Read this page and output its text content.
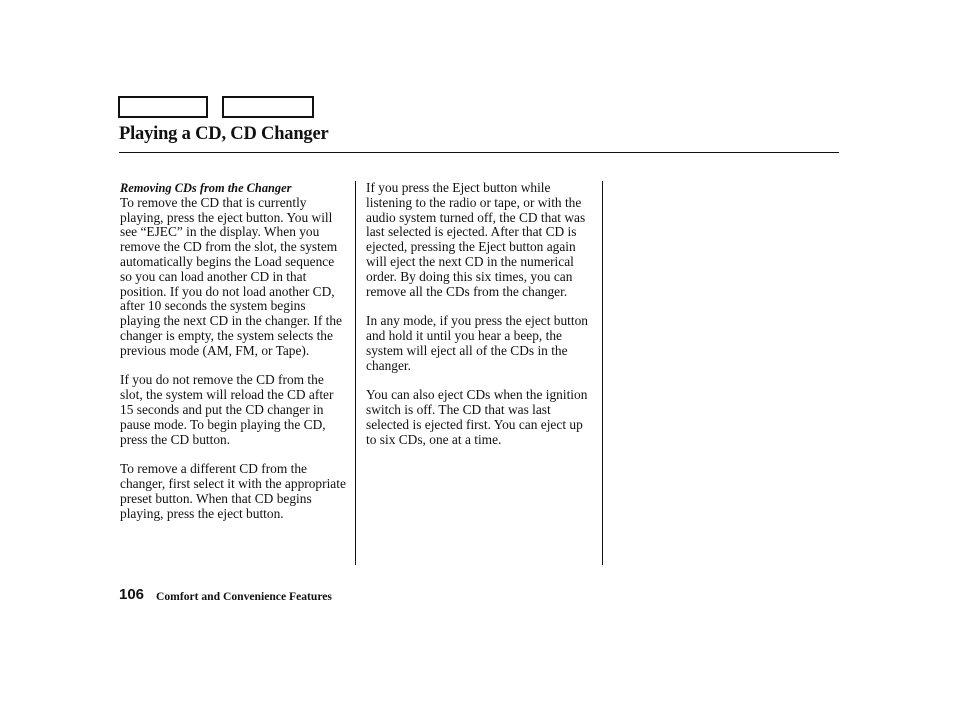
Playing a CD, CD Changer
Removing CDs from the Changer

To remove the CD that is currently playing, press the eject button. You will see “EJEC” in the display. When you remove the CD from the slot, the system automatically begins the Load sequence so you can load another CD in that position. If you do not load another CD, after 10 seconds the system begins playing the next CD in the changer. If the changer is empty, the system selects the previous mode (AM, FM, or Tape).

If you do not remove the CD from the slot, the system will reload the CD after 15 seconds and put the CD changer in pause mode. To begin playing the CD, press the CD button.

To remove a different CD from the changer, first select it with the appropriate preset button. When that CD begins playing, press the eject button.

If you press the Eject button while listening to the radio or tape, or with the audio system turned off, the CD that was last selected is ejected. After that CD is ejected, pressing the Eject button again will eject the next CD in the numerical order. By doing this six times, you can remove all the CDs from the changer.

In any mode, if you press the eject button and hold it until you hear a beep, the system will eject all of the CDs in the changer.

You can also eject CDs when the ignition switch is off. The CD that was last selected is ejected first. You can eject up to six CDs, one at a time.

106 Comfort and Convenience Features
